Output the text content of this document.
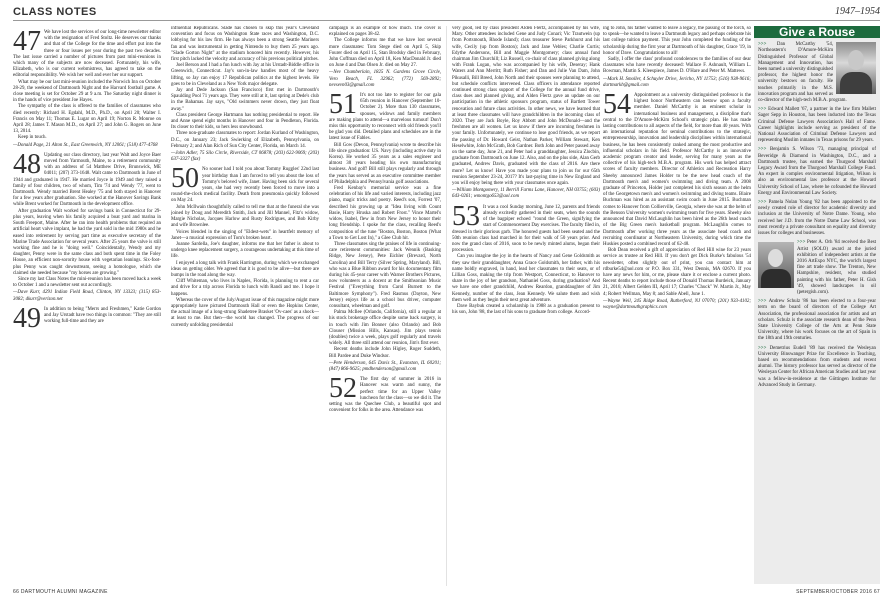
CLASS NOTES	1947–1954
47 We have lost the services of our long-time newsletter editor with the resignation of Fred Stoltz. He deserves our thanks and that of the College for the time and effort put into the three or four issues per year during the past two decades. The last issue carried a number of pictures from past mini-reunions in which many of the subjects are now deceased. Fortunately, his wife, Elizabeth, who is our current webmistress, has agreed to take on the editorial responsibility. We wish her well and ever her our support.

What may be our last mini-reunion included the Norwich Inn on October 28-29, the weekend of Dartmouth Night and the Harvard football game. A close meeting is set for October 29 at 9 a.m. The Saturday night dinner is in the hands of vice president Joe Hayes.

The sympathy of the class is offered to the families of classmates who died recently: Richard H. Egdahl, M.D., Ph.D., on April 20; Walter I. Francis on May 11; Thomas E. Lugar on April 19; Norton R. Monroe on April 28; James T. Mason M.D., on April 27; and John G. Rogers on June 13, 2014.

Keep in touch.

—Donald Page, 21 Alton St., East Greenwich, NY 12061; (518) 477-4768
48 Updating our class directory, last year Walt and Joyce Baer moved from Yarmouth, Maine, to a retirement community with an address of 54 Matthew Drive, Brunswick, ME 04011; (207) 373-1648. Walt came to Dartmouth in June of 1944 and graduated in 1947. He married Joyce in 1949 and they raised a family of four children, two of whom, Tim '74 and Wendy '77, went to Dartmouth. Wendy married Brent Healey '75 and both stayed in Hanover for a few years after graduation. She worked at the Hanover Savings Bank while Brent worked for Dartmouth in the development office.

After graduation Walt worked for savings bank in Connecticut for 29-plus years, leaving when his family acquired a boat yard and marina in South Freeport, Maine. After he ran into health problems that required an artificial heart valve implant, he had the yard sold in the mid 1980s and he eased into retirement by serving part time as executive secretary of the Marine Trade Association for several years. After 25 years the valve is still working fine and he is "doing well." Coincidentally, Wendy and my daughter, Penny were in the same class and both spent time in the Foley House, an efficient non-sorority house with vegetarian leanings. Six-foot-plus Penny was caught downstream, seeing a homologue, which she claimed she needed because "my horses are growing."

Since my last Class Notes the mini-reunion has been moved back a week to October 1 and a newsletter sent out accordingly.

—Dave Kurr, 4291 Indian Field Road, Clinton, NY 13323; (315) 853-3082; dkurr@verizon.net
49 In addition to being "Merrs and Freshmen," Katie Gordon and Jay Urstadt have two things in common: "They are still working full-time and they are

influential Republicans. Slade has chosen to skip this year's Cleveland convention and focus on Washington State races and Washington, D.C. lobbying for his law firm. He has always been a strong Seattle Mariners fan and was instrumental in getting Nintendo to buy them 25 years ago. "Slade Gorton Night" at the stadium honored him recently. However, his first pitch lacked the velocity and accuracy of his previous political pitches.

Joel Berson and I had a fun lunch with Jay at his Urstadt-Biddle office in Greenwich, Connecticut. Jay's son-in-law handles most of the heavy lifting, so Jay can enjoy 17 Republican politics at the highest levels. He goes to be in Cleveland as a New York major delegate.

Jay and Dede Jackson (San Francisco) first met in Dartmouth's Spaulding Pool 71 years ago. They were still at it, last spring at Dede's club in the Bahamas. Jay says, "Old swimmers never drown, they just float away."

Class president George Hartmann has nothing presidential to report. He and Anne spend eight months in Hanover and four in Pendleton, Florida. Its closer to their kids, so hers less snowbound.

Three non-graduate classmates to report: Jordan Kurland of Washington, D.C., on January 23; Jack Swierking of Elizabeth, Pennsylvania, on February 2; and Alan Rich of Sun City Center, Florida, on March 14.

—John Adler, 75 Silo Circle, Riverside, CT 06878; (203) 622-9069; (203) 637-3327 (fax)
50 No sooner had I told you about Tommy Ruggles' 22nd last year birthday than I am forced to tell you about the loss of Tommy's beloved wife, Janet. Having been sick for several years, she had very recently been forced to move into a round-the-clock medical facility. Death from pneumonia quickly followed on May 24.

John McIlwain thoughtfully called to tell me that at the funeral she was joined by Doug and Meredith Smith, Jack and Jill Mannel, Fitz's widow, Margie Nicholas, Jacques Harlow and Rusty Rodrigues, and Bob Kirby and wife Brownlee.

Voices blended in the singing of "Eldest-wets" in heartfelt memory of Janet—a musical expression of Tom's broken heart.

Joanne Sardella, Joe's daughter, informs me that her father is about to undergo knee replacement surgery, a courageous undertaking at this time of life.

I enjoyed a long talk with Frank Harrington, during which we exchanged ideas on getting older. We agreed that it is good to be alive—but there are bumps in the road along the way.

Cliff Whiteman, who lives in Naples, Florida, is planning to rent a car and drive for a trip across Florida to lunch with Randi and me. I hope it happens.

Whereas the cover of the July/August issue of this magazine might more appropriately have pictured Dartmouth Hall or even the Hopkins Center, the actual image of a long-strung Shadetree Brasket 'Ov-caes' as a shock—at least to me. But then—the world has changed. The progress of our currently unfolding presidential

campaign is an example of how much. The cover is explained on pages 38-42.

The College informs me that we have lost several more classmates: Tom Stege died on April 5, Skip Fourer died on April 15, Stan Brodsky died in February, John Coffman died on April 18, Ken MacDonald Jr. died on June 4 and Dan Olsen Jr. died on May 27.

—Nev Chamberlain, 1825 N. Gardens Grove Circle, Vero Beach, FL 32962; (772) 569-2892; nevsevn03@gmail.com
51 It's not too late to register for our gala 65th reunion in Hanover (September 10-October 2). More than 130 classmates, spouses, widows and family members are making plans to attend—a marvelous turnout! Don't miss this opportunity to reconnect with old friends you'll be glad you did. Detailed plans and schedules are in the latest issue of Fables.

Bill Gow (Devon, Pennsylvania) wrote to describe his life since graduation: US. Navy (including active duty in Korea). He worked 35 years as a sales engineer and almost 30 years heading his own manufacturing business. And golf! Bill still plays regularly and through the years has served as an executive committee member of Philadelphia and Pennsylvania golf associations.

Fred Kenbay's memorial service was a fine celebration of his life and varied interests, including jazz piano, magic tricks and poetry. Reed's son, Forrest '07, described his growing up at "Idea living with Count Basie, Harry Hruska and Robert Frost." Vince Martel's widow, Isabel, flew in from New Jersey to honor their long friendship. I spoke for the class, recalling Reed's composition of the tune "Boston, Boston, Boston (What a Town to Get Lost In)," a Glee Club hit.

Three classmates sing the praises of life in continuing-care retirement communities: Jack Wennik (Basking Ridge, New Jersey), Pete Eichler (Brevard, North Carolina) and Bill Terry (Silver Spring, Maryland). Bill, who was a Blue Ribbon award for his documentary film during his 45-year career with Warner Brothers Pictures, now volunteers as a docent at the Smithsonian Music Festival ("Everything from Carol Burnett to the Baltimore Symphony"). Fred Rasmus (Dayton, New Jersey) enjoys life as a school bus driver, computer consultant, wheelman and golf.

Palma McIlee (Orlando, California), still a regular at his stock brokerage office despite some back surgery, is in touch with Jim Bonner (also Orlando) and Bob Clouser (Mission Hills, Kansas). Jim plays tennis (doubles) twice a week, plays golf regularly and travels widely. All three still attend our reunion, Jim's first ever.

Recent deaths include John Higley, Roger Suddeth, Bill Pardee and Duke Windsor.

—Pete Henderson, 645 Davis St., Evanston, IL 60201; (847) 866-9625; pmdhenderson@gmail.com
52 The first day of summer in 2016 in Hanover was warm and sunny, the perfect time for an Upper Valley luncheon for the class—so we did it. The setting was the Quechee Club, a beautiful spot and convenient for folks in the area. Attendance was

very good, led by class president Alden Flertz, accompanied by his wife, Mary. Other attendees included Gene and Judy Conari; Vic Trautwein (up from Portsmouth, Rhode Island); class treasurer Steve Parkhurst and his wife, Cecily (up from Boston); Jack and Jane Vebles; Charlie Curtis; Edythe Andersons, Bill and Maggie Montgomery; class annual fund chairman Jim Churchill; Liz Russell, co-chair of class planned giving along with Frank Logan, who was accompanied by his wife, Deseray; Hank Waters and Ann Merritt; Ruth Fisher; and Dan and Julie Van Dam, John Pikusalli, Bill Breed, John North and their spouses were planning to attend, but schedule conflicts intervened. Class officers in attendance reported continued strong class support of the College for the annual fund drive, class dues and planned giving, and Alden Flertz gave an update on our participation in the athletic sponsors program, status of Bartlett Tower renovation and future class activities. In other news, we have learned that at least three classmates will have grandchildren in the incoming class of 2020. They are Jack Boyle, Roy Abbott and John McDonald—and the freshmen are all women. Let us know if there are incoming freshmen in your family. Unfortunately, we continue to lose good friends, as we report the passing of Dr. Howard Geist, Nathan Parker, William Stewart, Ken Heselwhite, John McGrath, Bob Gardner. Both John and Peter passed away on the same day, June 21, and Peter had a granddaughter, Jessica Zlocbin, graduate from Dartmouth on June 12. Also, and on the plus side, Alan Gerb graduated, Andrew Davis, graduated with the class of 2016. Are there more? Let us know! Have you made your plans to join us for our 65th reunion September 23-24, 2017? It's last-paying time in New England and you will enjoy being there with your classmates once again.

—William Montgomery, 11 Berrill Farms Lane, Hanover, NH 03755; (603) 643-0261; wmontgo653@aol.com
53 It was a cool Sunday morning, June 12, parents and friends already excitedly gathered in their seats, when the sounds of the bagpiper echoed "round the Green, signifying the start of Commencement Day exercises. The faculty filed in, dressed in their glorious garb. The honored guests had been seated and the 50th reunion class had marched in for their walk of 50 years prior. And now the grand class of 2016, soon to be newly minted alums, began their procession.

Can you imagine the joy in the hearts of Nancy and Gene Goldsmith as they saw their granddaughter, Anna Grace Goldsmith, her father, with his name boldly engraved, in hand, lead her classmates to their seats, or of Lillian Goss, making the trip from Westport, Connecticut, to Hanover to share in the joy of her grandson, Nathaniel Goss, during graduation? And we have one other grandchild, Andrew Reardon, granddaughter of Jim Kennedy, number of the class, Jean Kennedy. We salute them and wish them well as they begin their next great adventure.

Dave Baybuk created a scholarship in 1988 as a graduation present to his son, John '88, the last of his sons to graduate from college. Accord-

ing to John, his father wanted to leave a legacy, the passing of the torch, so to speak—he wanted to leave a Dartmouth legacy and perhaps celebrate his last college tuition payment. This year John completed the funding of the scholarship during the first year at Dartmouth of his daughter, Grace '19, in honor of Dave. Congratulations to all!

Sadly, I offer the class' profound condolences to the families of our dear classmates who have recently deceased: Wallace F. Ashnault, William L. Bowman, Martin S. Kleespiece, James D. O'Hare and Peter M. Mattews.

—Mark H. Smoller, 4 Schuyler Drive, Jericho, NY 11753; (516) 938-9616; dartmarkh@gmail.com
54 Appointment as a university distinguished professor is the highest honor Northeastern can bestow upon a faculty member. Daniel McCarthy is an eminent scholar in international business and management, a discipline that's central to the D'Amore-McKim School's strategic plan. He has made lasting contributions to all aspects of the field, for more than 40 years. With an international reputation for seminal contributions to the strategic, entrepreneurship, innovation and leadership disciplines within international business, he has been consistently ranked among the most productive and influential scholars in his field. Professor McCarthy is an innovative academic program creator and leader, serving for many years as the collective of his high-tech M.B.A. program. His work has helped attract scores of faculty members. Director of Athletics and Recreation Harry Sheehy announced James Holder to be the new head coach of the Dartmouth men's and women's swimming and diving team. A 2008 graduate of Princeton, Holder just completed his sixth season at the helm of the Georgetown men's and women's swimming and diving teams. Blaire Buchman was hired as an assistant swim coach in June 2015. Buchman comes to Hanover from Collierville, Georgia, where she was at the helm of the Benson University women's swimming team for five years. Sheehy also announced that David McLaughlin has been hired as the 26th head coach of the Big Green men's basketball program. McLaughlin comes to Dartmouth after working three years as the associate head coach and recruiting coordinator at Northeastern University, during which time the Huskies posted a combined record of 62-48.

Bob Dean received a gift of appreciation of Red Hill wine for 23 years service as trustee at Red Hill. If you don't get Dick Burke's fabulous '54 newsletter, often slightly out of print, you can contact him at rdburke54@aol.com or P.O. Box 331, West Dennis, MA 02670. If you have any news for him, or me, please share it or enclose a current photo. Recent deaths to report include those of Donald Thomas Burdeick, January 21, 2016; Albert Gelden III, April 17; Charles "Chuck" W. Martin Jr., May 4; Robert Wellman, May 8; and Sable Abell, June 1.

—Wayne Weil, 245 Ridge Road, Rutherford, NJ 07070; (201) 933-4102; wayne@dartmouthgraphics.com
Give a Rouse

>>> Dan McCarthy '54, Northeastern's D'Amore-McKim Distinguished Professor of Global Management and Innovation, has been named a university distinguished professor, the highest honor the university bestows on faculty. He teaches primarily in the M.S. innovation program and has served as co-director of the high-tech M.B.A. program.

>>> Edward Mallett '67, a partner in the law firm Mallett Sager Sepp in Houston, has been inducted into the Texas Criminal Defense Lawyers Association's Hall of Fame. Career highlights include serving as president of the National Association of Criminal Defense Lawyers and representing Muslim inmates in Texas prisons for 29 years.

>>> Benjamin S. Wilson '73, managing principal of Beveridge & Diamond in Washington, D.C., and a Dartmouth trustee, has earned the Thurgood Marshall Legacy Award from the Thurgood Marshall College Fund. An expert in complex environmental litigation, Wilson is also an environmental law professor at the Howard University School of Law, where he cofounded the Howard Energy and Environmental Law Society.

>>> Pamela Nolan Young '82 has been appointed to the newly created role of director for academic diversity and inclusion at the University of Notre Dame. Young, who received her J.D. from the Notre Dame Law School, was most recently a private consultant on equality and diversity issues for colleges and businesses.

>>> Peter A. Orh '84 received the Best Artist (SOLO) award at the juried exhibition of independent artists at the 2016 ArtExpo NYC, the world's largest fine art trade show. The Trenton, New Hampshire, resident, who studied painting with his father, Peter H. Gish '49, showed landscapes in oil (petergish.com).

>>> Andrew Schulz '86 has been elected to a four-year term on the board of directors of the College Art Association, the professional association for artists and art scholars. Schulz is the associate research dean of the Penn State University College of the Arts at Penn State University, where his work focuses on the art of Spain in the 18th and 19th centuries.

>>> Demetrius Eudell '89 has received the Wesleyan University Binswanger Prize for Excellence in Teaching, based on recommendations from students and recent alumni. The history professor has served as director of the Wesleyan Center for African American Studies and last year was a fellow-in-residence at the Göttingen Institute for Advanced Study in Germany.

66 DARTMOUTH ALUMNI MAGAZINE	SEPTEMBER/OCTOBER 2016 67
